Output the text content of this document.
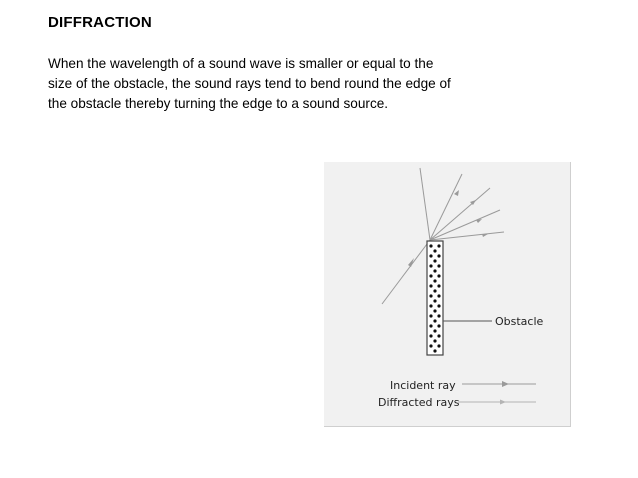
DIFFRACTION
When the wavelength of a sound wave is smaller or equal to the
size of the obstacle, the sound rays tend to bend round the edge of
the obstacle thereby turning the edge to a sound source.
Obstacle
Incident ray
Diffracted rays
